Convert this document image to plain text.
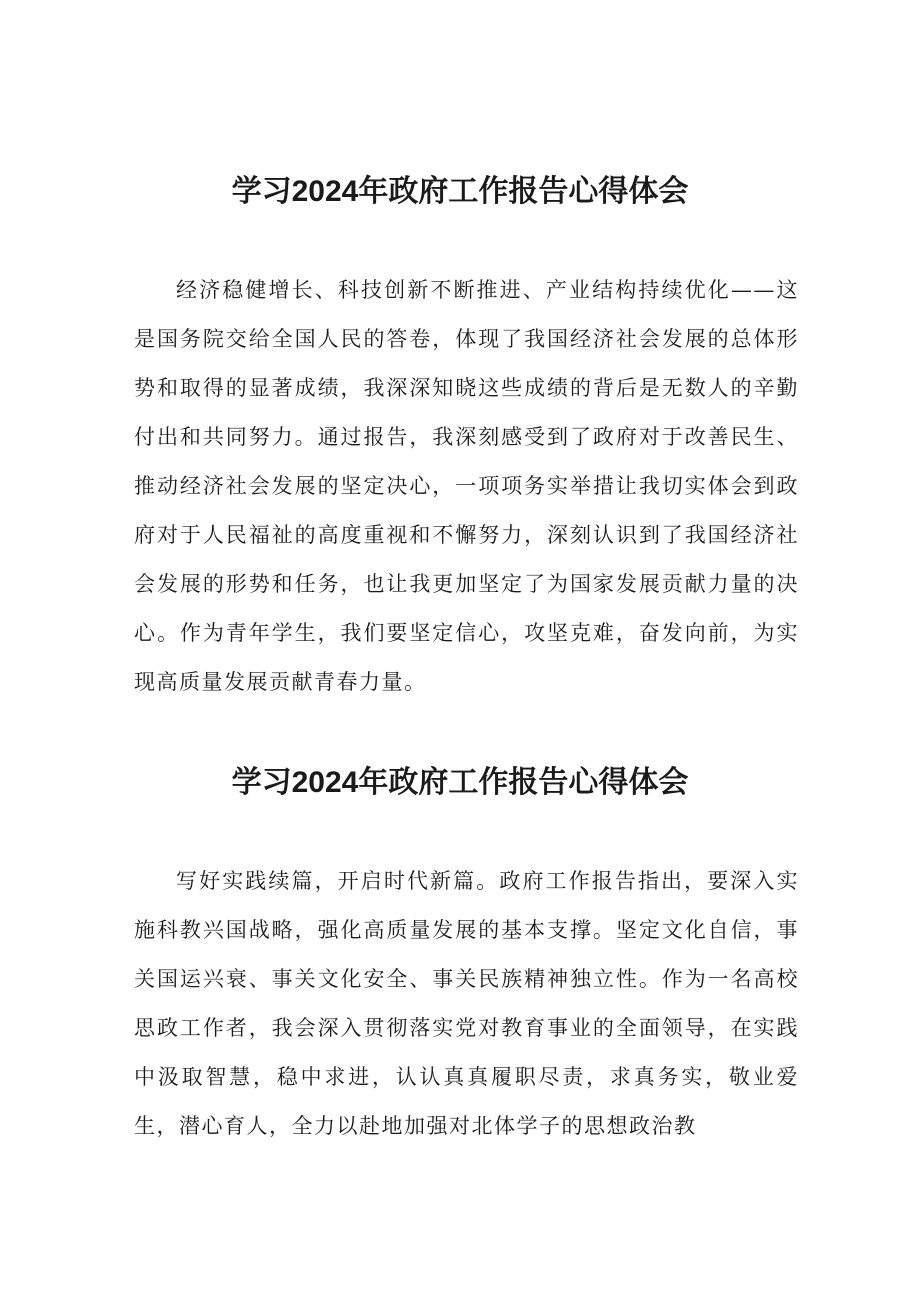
学习2024年政府工作报告心得体会

经济稳健增长、科技创新不断推进、产业结构持续优化——这是国务院交给全国人民的答卷，体现了我国经济社会发展的总体形势和取得的显著成绩，我深深知晓这些成绩的背后是无数人的辛勤付出和共同努力。通过报告，我深刻感受到了政府对于改善民生、推动经济社会发展的坚定决心，一项项务实举措让我切实体会到政府对于人民福祉的高度重视和不懈努力，深刻认识到了我国经济社会发展的形势和任务，也让我更加坚定了为国家发展贡献力量的决心。作为青年学生，我们要坚定信心，攻坚克难，奋发向前，为实现高质量发展贡献青春力量。

学习2024年政府工作报告心得体会

写好实践续篇，开启时代新篇。政府工作报告指出，要深入实施科教兴国战略，强化高质量发展的基本支撑。坚定文化自信，事关国运兴衰、事关文化安全、事关民族精神独立性。作为一名高校思政工作者，我会深入贯彻落实党对教育事业的全面领导，在实践中汲取智慧，稳中求进，认认真真履职尽责，求真务实，敬业爱生，潜心育人，全力以赴地加强对北体学子的思想政治教
